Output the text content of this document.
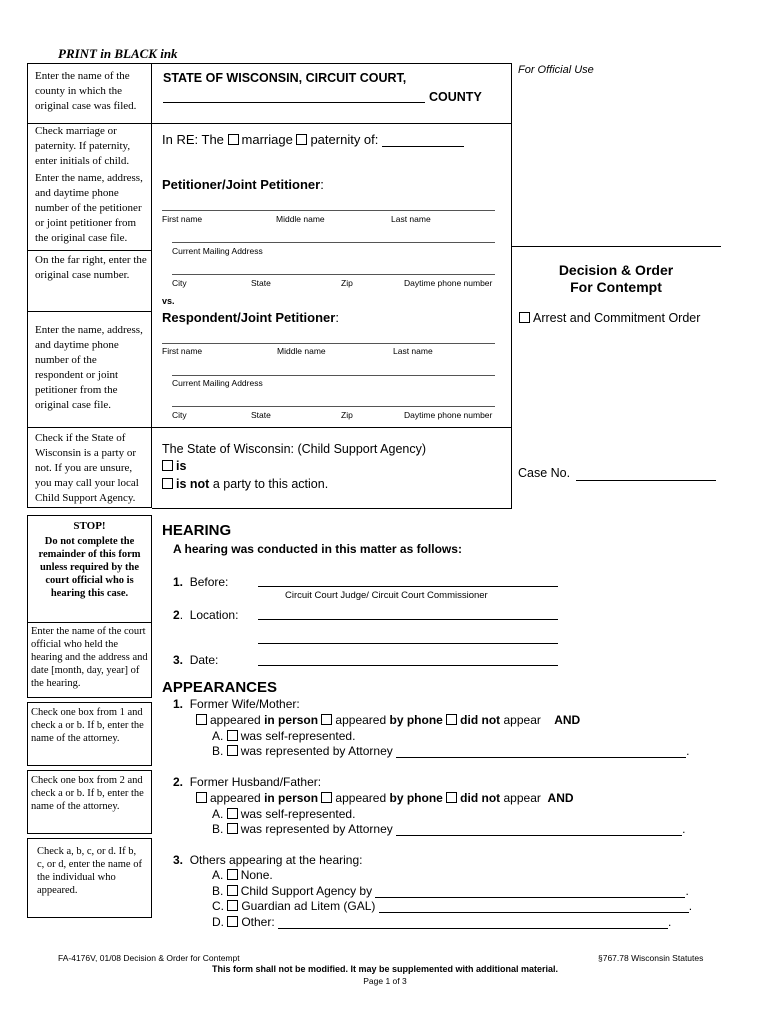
PRINT in BLACK ink
Enter the name of the county in which the original case was filed.
Check marriage or paternity. If paternity, enter initials of child.
Enter the name, address, and daytime phone number of the petitioner or joint petitioner from the original case file.
On the far right, enter the original case number.
Enter the name, address, and daytime phone number of the respondent or joint petitioner from the original case file.
Check if the State of Wisconsin is a party or not. If you are unsure, you may call your local Child Support Agency.
STOP!
Do not complete the remainder of this form unless required by the court official who is hearing this case.
Enter the name of the court official who held the hearing and the address and date [month, day, year] of the hearing.
Check one box from 1 and check a or b. If b, enter the name of the attorney.
Check one box from 2 and check a or b. If b, enter the name of the attorney.
Check a, b, c, or d. If b, c, or d, enter the name of the individual who appeared.
For Official Use
STATE OF WISCONSIN, CIRCUIT COURT,
COUNTY
In RE: The marriage paternity of:
Petitioner/Joint Petitioner:
First name	Middle name	Last name
Current Mailing Address
City	State	Zip	Daytime phone number
vs.
Respondent/Joint Petitioner:
First name	Middle name	Last name
Current Mailing Address
City	State	Zip	Daytime phone number
The State of Wisconsin: (Child Support Agency)
is
is not a party to this action.
Decision & Order
For Contempt
Arrest and Commitment Order
Case No.
HEARING
A hearing was conducted in this matter as follows:
1. Before:
Circuit Court Judge/ Circuit Court Commissioner
2. Location:
3. Date:
APPEARANCES
1. Former Wife/Mother:
appeared in person appeared by phone did not appear AND
A. was self-represented.
B. was represented by Attorney	.
2. Former Husband/Father:
appeared in person appeared by phone did not appear AND
A. was self-represented.
B. was represented by Attorney	.
3. Others appearing at the hearing:
A. None.
B. Child Support Agency by	.
C. Guardian ad Litem (GAL)	.
D. Other:	.
FA-4176V, 01/08 Decision & Order for Contempt	§767.78 Wisconsin Statutes
This form shall not be modified. It may be supplemented with additional material.
Page 1 of 3
